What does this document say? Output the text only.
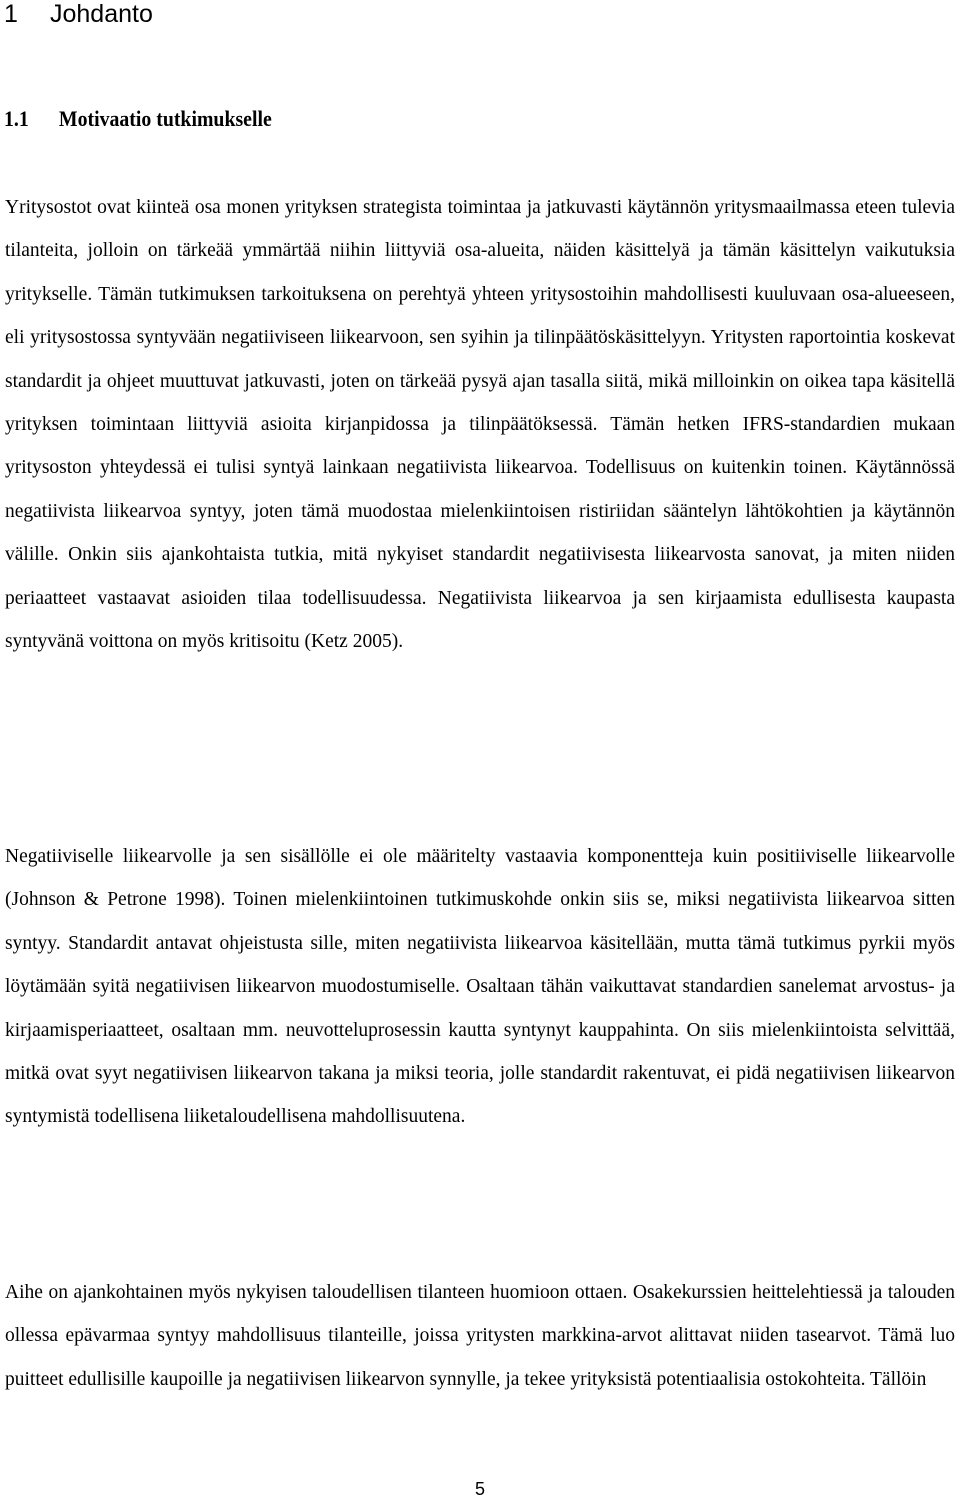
1 Johdanto
1.1 Motivaatio tutkimukselle

Yritysostot ovat kiinteä osa monen yrityksen strategista toimintaa ja jatkuvasti käytännön yritysmaailmassa eteen tulevia tilanteita, jolloin on tärkeää ymmärtää niihin liittyviä osa-alueita, näiden käsittelyä ja tämän käsittelyn vaikutuksia yritykselle. Tämän tutkimuksen tarkoituksena on perehtyä yhteen yritysostoihin mahdollisesti kuuluvaan osa-alueeseen, eli yritysostossa syntyvään negatiiviseen liikearvoon, sen syihin ja tilinpäätöskäsittelyyn. Yritysten raportointia koskevat standardit ja ohjeet muuttuvat jatkuvasti, joten on tärkeää pysyä ajan tasalla siitä, mikä milloinkin on oikea tapa käsitellä yrityksen toimintaan liittyviä asioita kirjanpidossa ja tilinpäätöksessä. Tämän hetken IFRS-standardien mukaan yritysoston yhteydessä ei tulisi syntyä lainkaan negatiivista liikearvoa. Todellisuus on kuitenkin toinen. Käytännössä negatiivista liikearvoa syntyy, joten tämä muodostaa mielenkiintoisen ristiriidan sääntelyn lähtökohtien ja käytännön välille. Onkin siis ajankohtaista tutkia, mitä nykyiset standardit negatiivisesta liikearvosta sanovat, ja miten niiden periaatteet vastaavat asioiden tilaa todellisuudessa. Negatiivista liikearvoa ja sen kirjaamista edullisesta kaupasta syntyvänä voittona on myös kritisoitu (Ketz 2005).

Negatiiviselle liikearvolle ja sen sisällölle ei ole määritelty vastaavia komponentteja kuin positiiviselle liikearvolle (Johnson & Petrone 1998). Toinen mielenkiintoinen tutkimuskohde onkin siis se, miksi negatiivista liikearvoa sitten syntyy. Standardit antavat ohjeistusta sille, miten negatiivista liikearvoa käsitellään, mutta tämä tutkimus pyrkii myös löytämään syitä negatiivisen liikearvon muodostumiselle. Osaltaan tähän vaikuttavat standardien sanelemat arvostus- ja kirjaamisperiaatteet, osaltaan mm. neuvotteluprosessin kautta syntynyt kauppahinta. On siis mielenkiintoista selvittää, mitkä ovat syyt negatiivisen liikearvon takana ja miksi teoria, jolle standardit rakentuvat, ei pidä negatiivisen liikearvon syntymistä todellisena liiketaloudellisena mahdollisuutena.

Aihe on ajankohtainen myös nykyisen taloudellisen tilanteen huomioon ottaen. Osakekurssien heittelehtiessä ja talouden ollessa epävarmaa syntyy mahdollisuus tilanteille, joissa yritysten markkina-arvot alittavat niiden tasearvot. Tämä luo puitteet edullisille kaupoille ja negatiivisen liikearvon synnylle, ja tekee yrityksistä potentiaalisia ostokohteita. Tällöin

5
